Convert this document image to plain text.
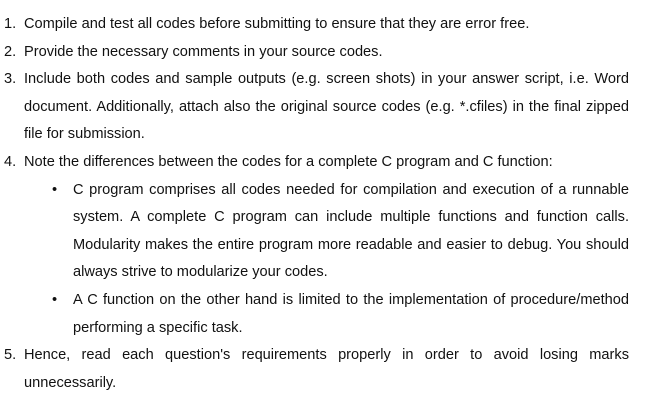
1. Compile and test all codes before submitting to ensure that they are error free.
2. Provide the necessary comments in your source codes.
3. Include both codes and sample outputs (e.g. screen shots) in your answer script, i.e. Word document. Additionally, attach also the original source codes (e.g. *.cfiles) in the final zipped file for submission.
4. Note the differences between the codes for a complete C program and C function:
• C program comprises all codes needed for compilation and execution of a runnable system. A complete C program can include multiple functions and function calls. Modularity makes the entire program more readable and easier to debug. You should always strive to modularize your codes.
• A C function on the other hand is limited to the implementation of procedure/method performing a specific task.
5. Hence, read each question's requirements properly in order to avoid losing marks unnecessarily.
